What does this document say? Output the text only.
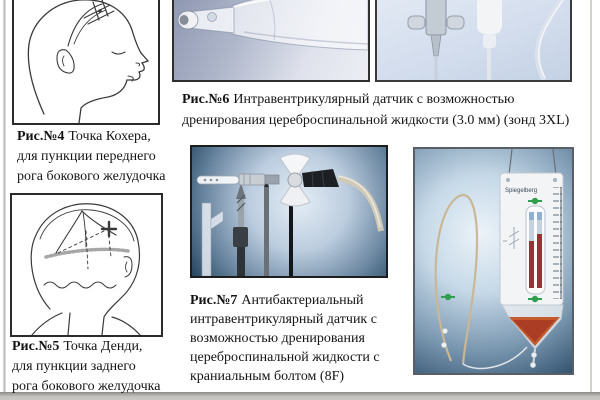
Рис.№4 Точка Кохера,
для пункции переднего
рога бокового желудочка
Рис.№5 Точка Денди,
для пункции заднего
рога бокового желудочка
Рис.№6 Интравентрикулярный датчик с возможностью
дренирования цереброспинальной жидкости (3.0 мм) (зонд 3XL)
Рис.№7 Антибактериальный
интравентрикулярный датчик с
возможностью дренирования
цереброспинальной жидкости с
краниальным болтом (8F)
Spiegelberg
